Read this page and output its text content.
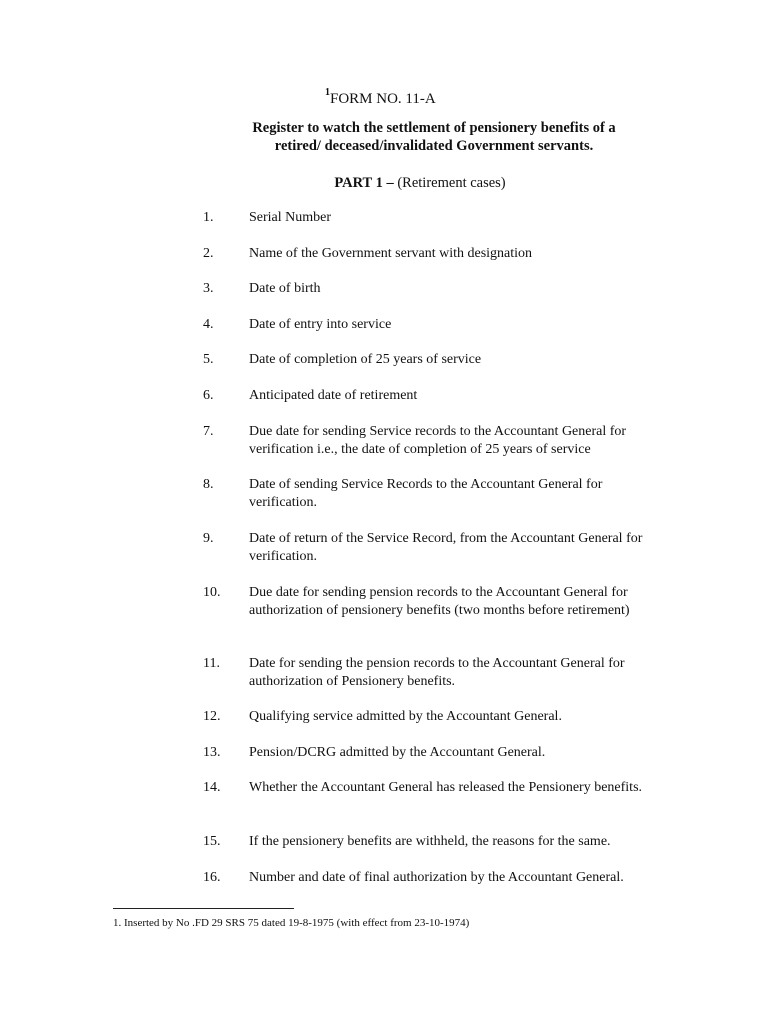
$^1$FORM NO. 11-A
Register to watch the settlement of pensionery benefits of a
retired/ deceased/invalidated Government servants.
PART 1 – (Retirement cases)
1.	Serial Number
2.	Name of the Government servant with designation
3.	Date of birth
4.	Date of entry into service
5.	Date of completion of 25 years of service
6.	Anticipated date of retirement
7.	Due date for sending Service records to the Accountant General for verification i.e., the date of completion of 25 years of service
8.	Date of sending Service Records to the Accountant General for verification.
9.	Date of return of the Service Record, from the Accountant General for verification.
10.	Due date for sending pension records to the Accountant General for authorization of pensionery benefits (two months before retirement)
11.	Date for sending the pension records to the Accountant General for authorization of Pensionery benefits.
12.	Qualifying service admitted by the Accountant General.
13.	Pension/DCRG admitted by the Accountant General.
14.	Whether the Accountant General has released the Pensionery benefits.
15.	If the pensionery benefits are withheld, the reasons for the same.
16.	Number and date of final authorization by the Accountant General.
1. Inserted by No .FD 29 SRS 75 dated 19-8-1975 (with effect from 23-10-1974)
